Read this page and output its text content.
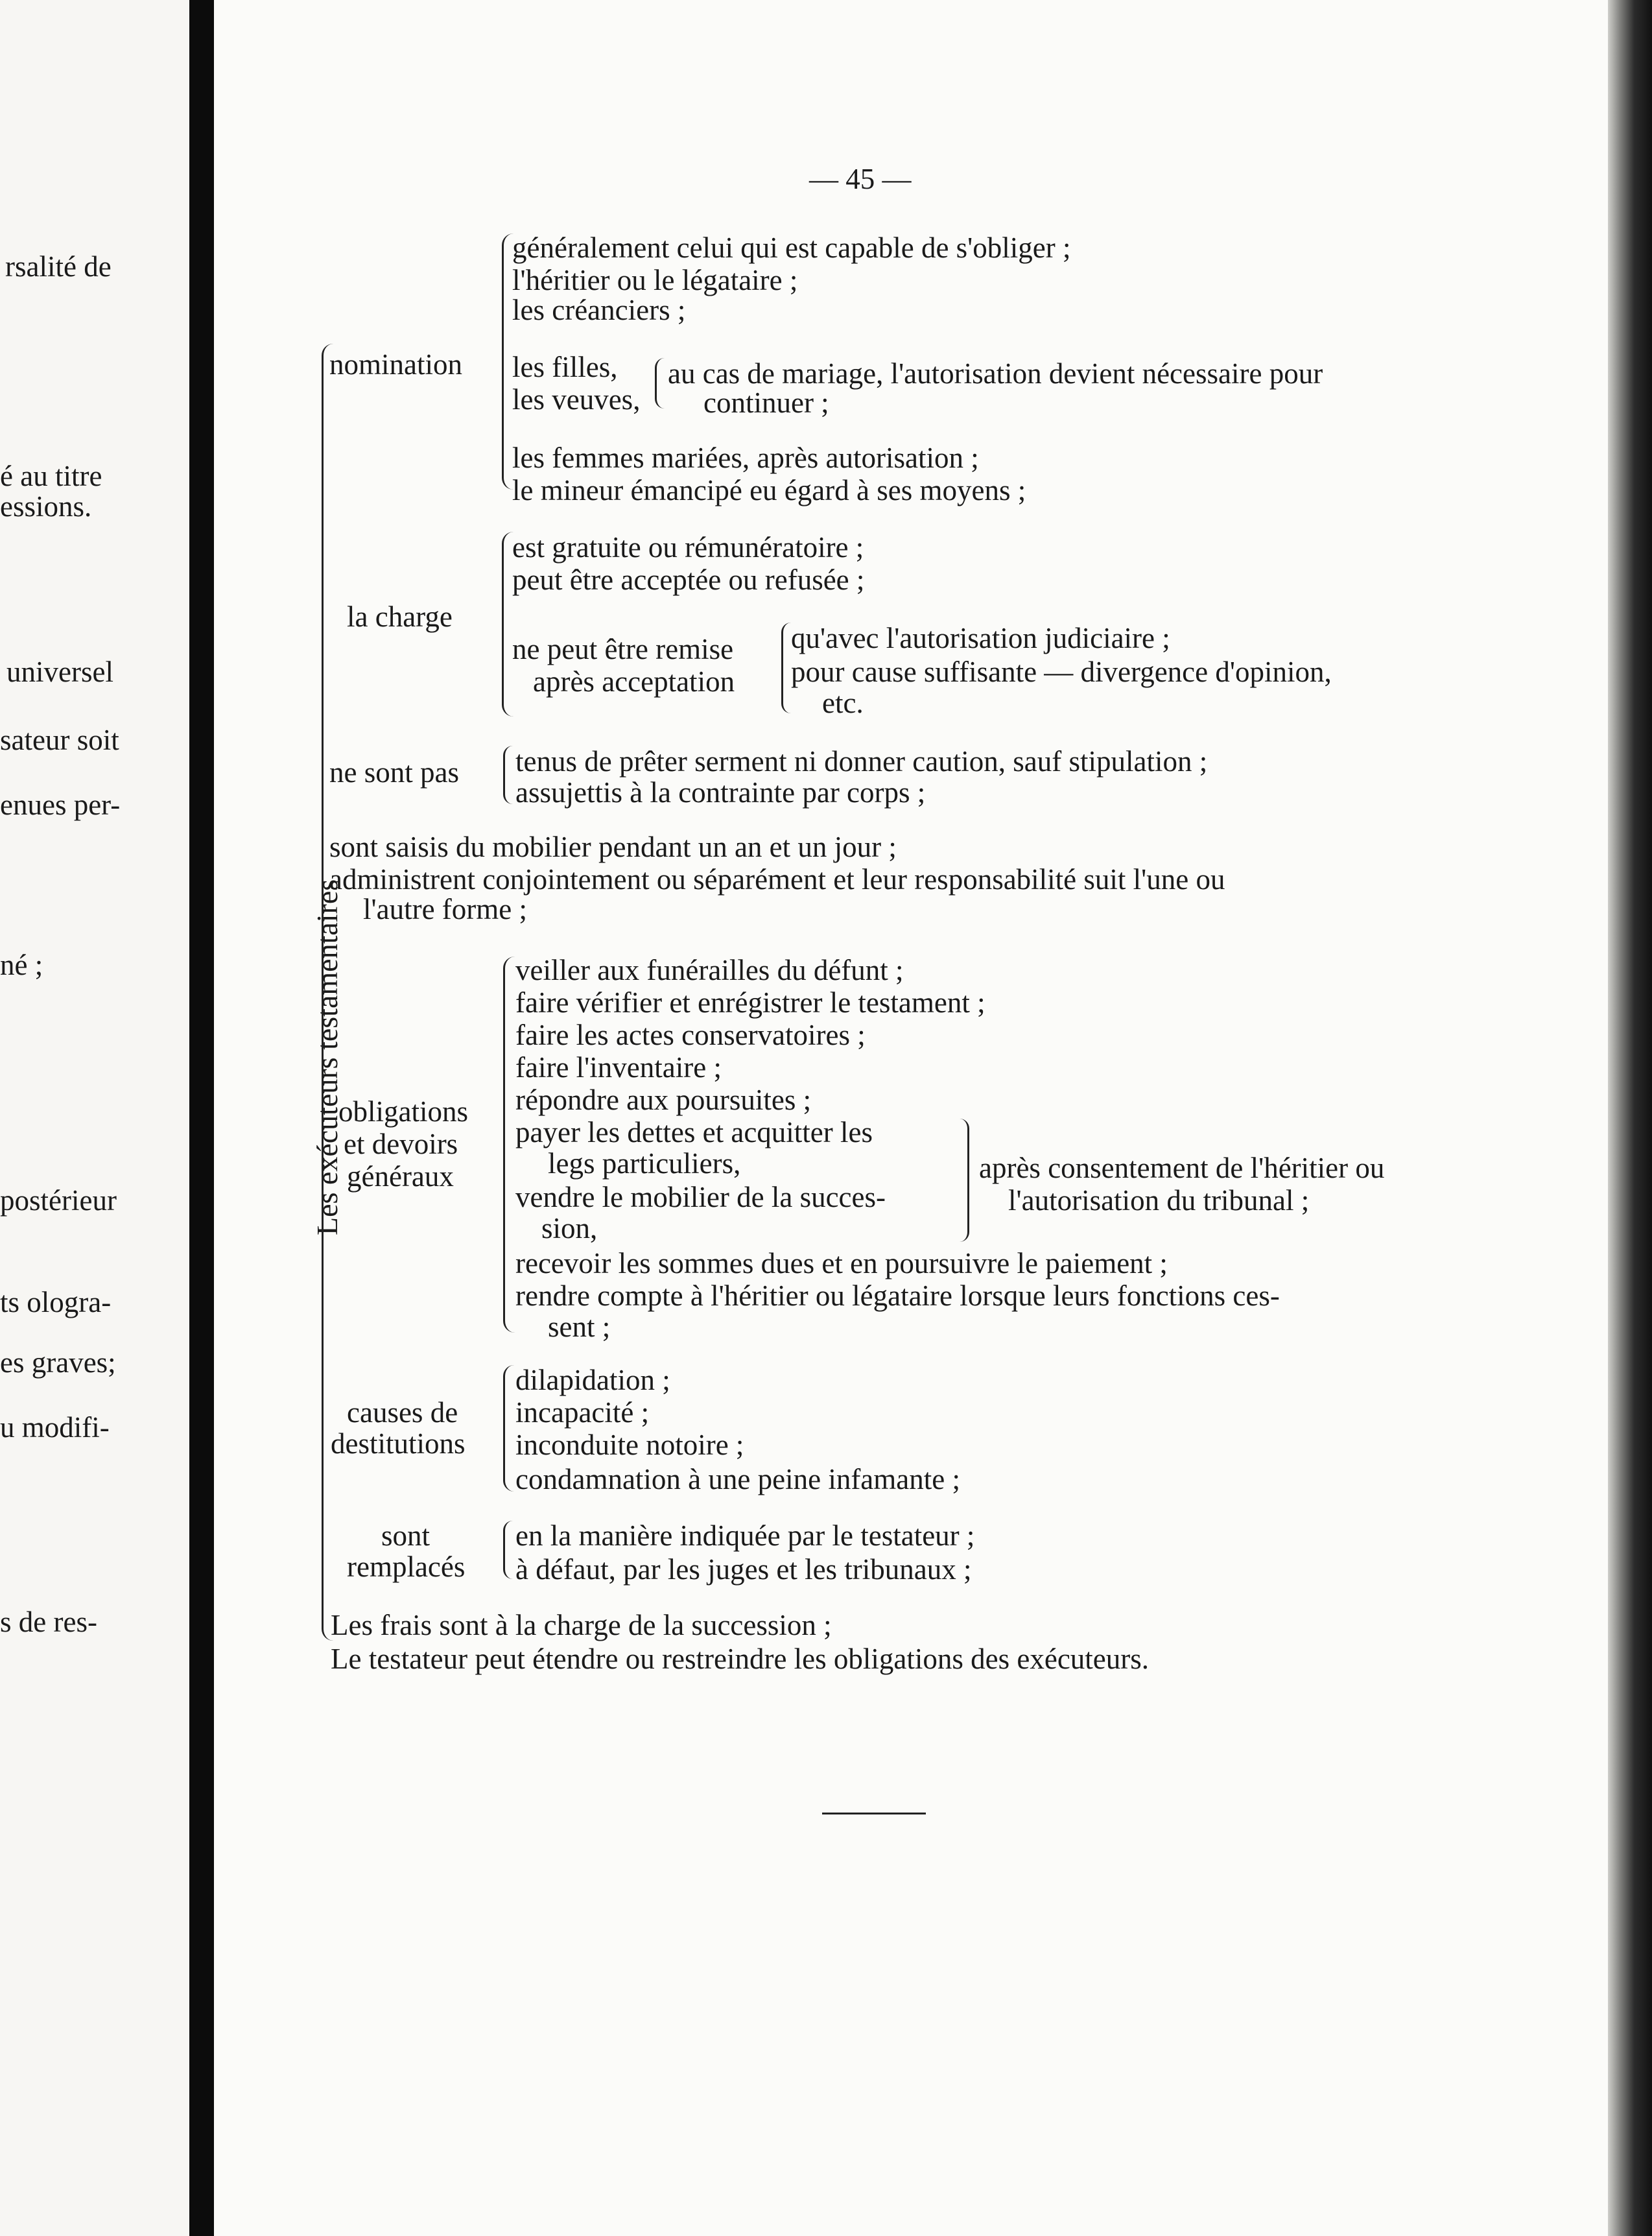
rsalité de
é au titre
essions.
universel
sateur soit
enues per-
né ;
postérieur
ts ologra-
es graves;
u modifi-
s de res-
— 45 —
Les exécuteurs testamentaires
nomination
généralement celui qui est capable de s'obliger ;
l'héritier ou le légataire ;
les créanciers ;
les filles,
les veuves,
au cas de mariage, l'autorisation devient nécessaire pour
continuer ;
les femmes mariées, après autorisation ;
le mineur émancipé eu égard à ses moyens ;
la charge
est gratuite ou rémunératoire ;
peut être acceptée ou refusée ;
ne peut être remise
après acceptation
qu'avec l'autorisation judiciaire ;
pour cause suffisante — divergence d'opinion,
etc.
ne sont pas tenus de prêter serment ni donner caution, sauf stipulation ;
assujettis à la contrainte par corps ;
sont saisis du mobilier pendant un an et un jour ;
administrent conjointement ou séparément et leur responsabilité suit l'une ou
l'autre forme ;
obligations
et devoirs
généraux
veiller aux funérailles du défunt ;
faire vérifier et enrégistrer le testament ;
faire les actes conservatoires ;
faire l'inventaire ;
répondre aux poursuites ;
payer les dettes et acquitter les
legs particuliers,
vendre le mobilier de la succes-
sion,
après consentement de l'héritier ou
l'autorisation du tribunal ;
recevoir les sommes dues et en poursuivre le paiement ;
rendre compte à l'héritier ou légataire lorsque leurs fonctions ces-
sent ;
causes de
destitutions
dilapidation ;
incapacité ;
inconduite notoire ;
condamnation à une peine infamante ;
sont
remplacés
en la manière indiquée par le testateur ;
à défaut, par les juges et les tribunaux ;
Les frais sont à la charge de la succession ;
Le testateur peut étendre ou restreindre les obligations des exécuteurs.
